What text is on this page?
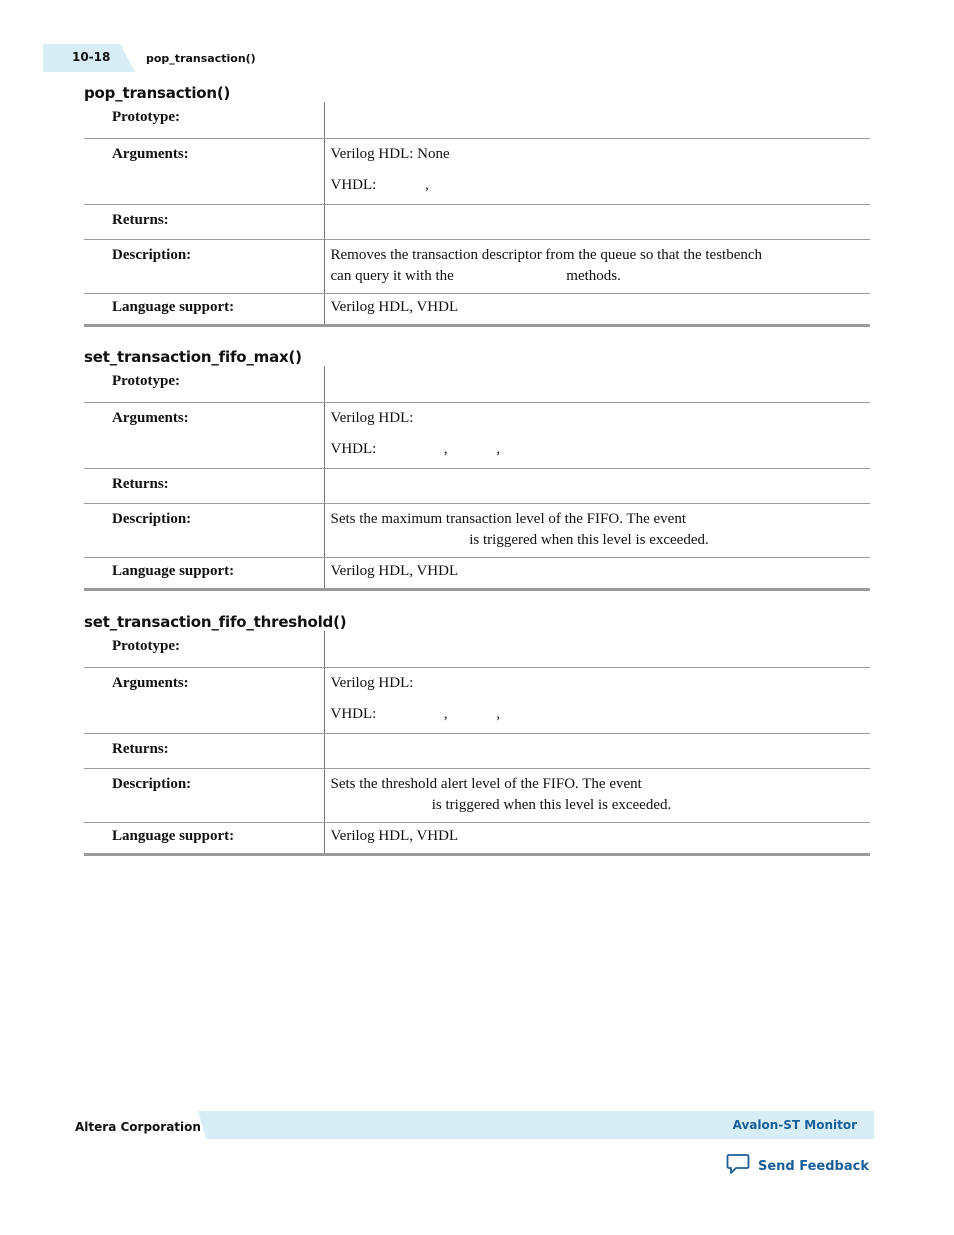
10-18	pop_transaction()
pop_transaction()
Prototype:	

Arguments:	Verilog HDL: None
VHDL:             ,

Returns:	

Description:	Removes the transaction descriptor from the queue so that the testbench
can query it with the                              methods.

Language support:	Verilog HDL, VHDL
set_transaction_fifo_max()
Prototype:	

Arguments:	Verilog HDL:
VHDL:                  ,             ,

Returns:	

Description:	Sets the maximum transaction level of the FIFO. The event
is triggered when this level is exceeded.

Language support:	Verilog HDL, VHDL
set_transaction_fifo_threshold()
Prototype:	

Arguments:	Verilog HDL:
VHDL:                  ,             ,

Returns:	

Description:	Sets the threshold alert level of the FIFO. The event
is triggered when this level is exceeded.

Language support:	Verilog HDL, VHDL
Altera Corporation	Avalon-ST Monitor
Send Feedback
